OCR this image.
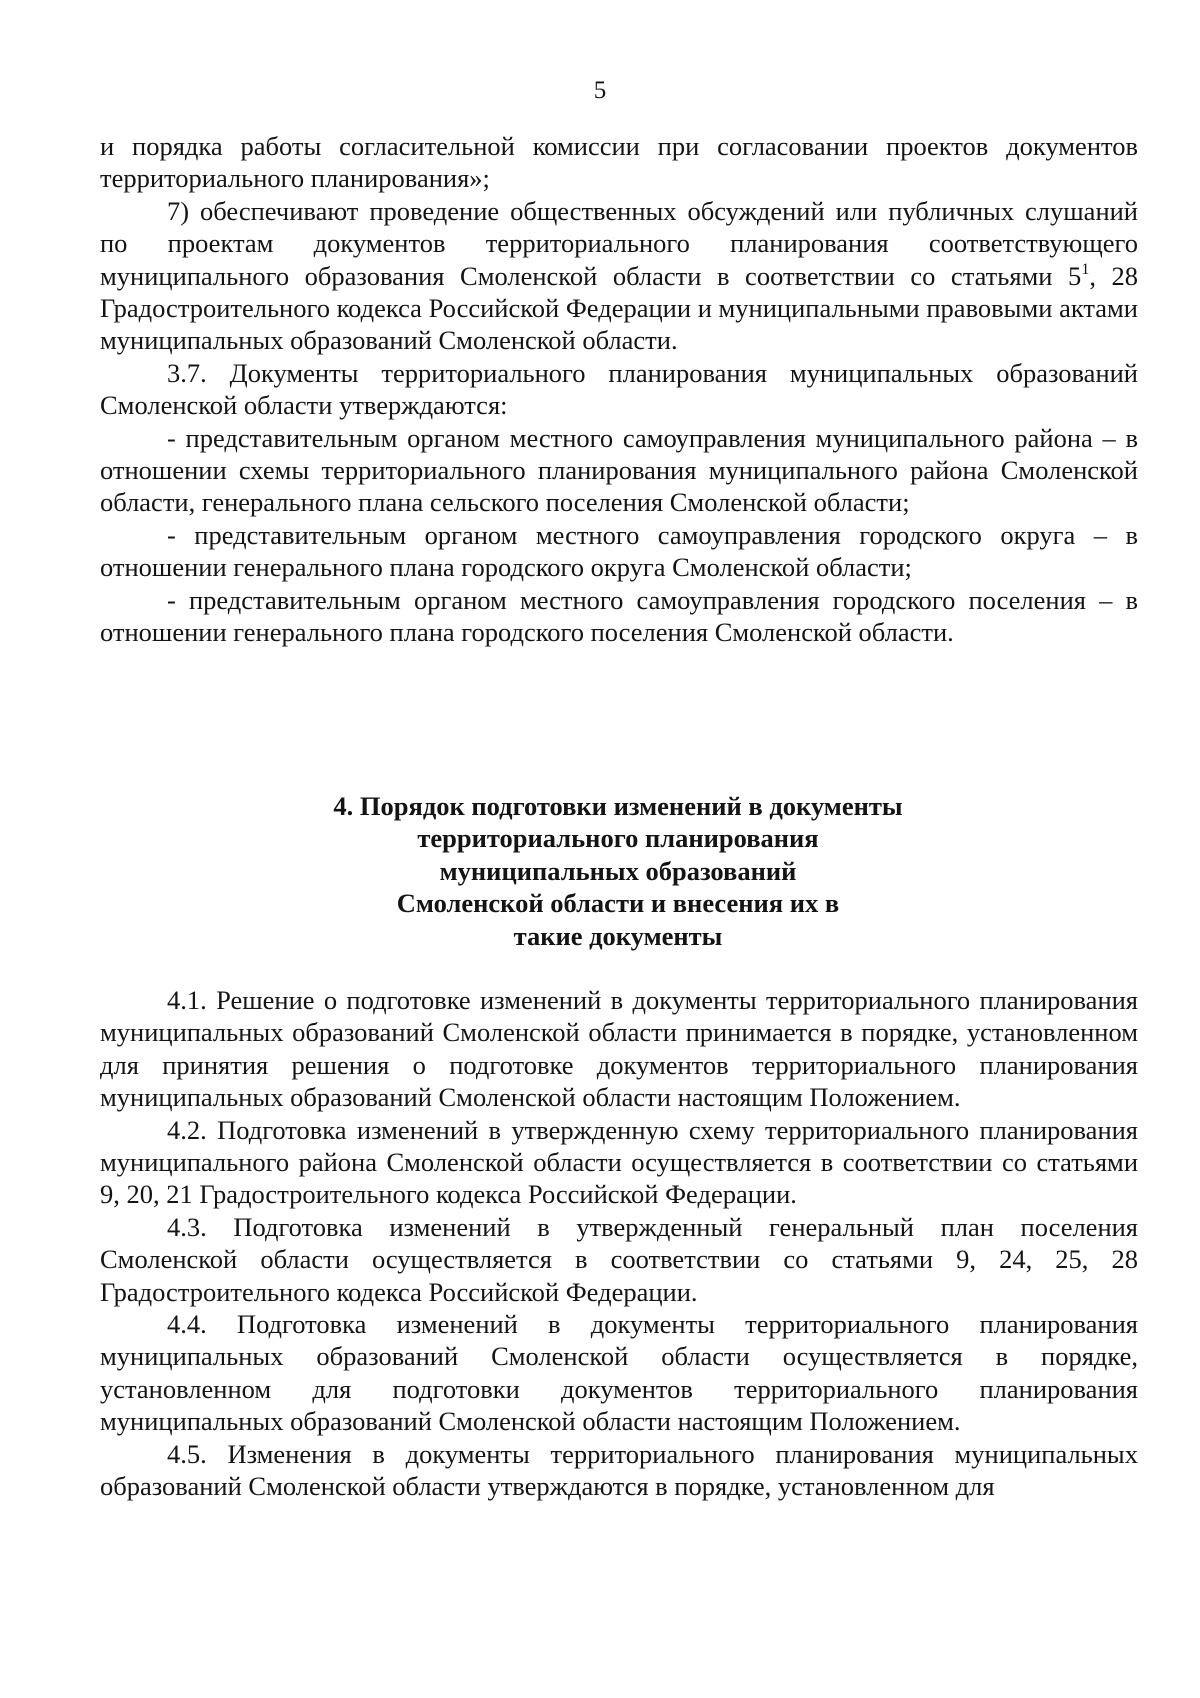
5

и порядка работы согласительной комиссии при согласовании проектов документов территориального планирования»;

7) обеспечивают проведение общественных обсуждений или публичных слушаний по проектам документов территориального планирования соответствующего муниципального образования Смоленской области в соответствии со статьями $5^1$, 28 Градостроительного кодекса Российской Федерации и муниципальными правовыми актами муниципальных образований Смоленской области.

3.7. Документы территориального планирования муниципальных образований Смоленской области утверждаются:

- представительным органом местного самоуправления муниципального района – в отношении схемы территориального планирования муниципального района Смоленской области, генерального плана сельского поселения Смоленской области;

- представительным органом местного самоуправления городского округа – в отношении генерального плана городского округа Смоленской области;

- представительным органом местного самоуправления городского поселения – в отношении генерального плана городского поселения Смоленской области.

4. Порядок подготовки изменений в документы
территориального планирования
муниципальных образований
Смоленской области и внесения их в
такие документы

4.1. Решение о подготовке изменений в документы территориального планирования муниципальных образований Смоленской области принимается в порядке, установленном для принятия решения о подготовке документов территориального планирования муниципальных образований Смоленской области настоящим Положением.

4.2. Подготовка изменений в утвержденную схему территориального планирования муниципального района Смоленской области осуществляется в соответствии со статьями 9, 20, 21 Градостроительного кодекса Российской Федерации.

4.3. Подготовка изменений в утвержденный генеральный план поселения Смоленской области осуществляется в соответствии со статьями 9, 24, 25, 28 Градостроительного кодекса Российской Федерации.

4.4. Подготовка изменений в документы территориального планирования муниципальных образований Смоленской области осуществляется в порядке, установленном для подготовки документов территориального планирования муниципальных образований Смоленской области настоящим Положением.

4.5. Изменения в документы территориального планирования муниципальных образований Смоленской области утверждаются в порядке, установленном для
